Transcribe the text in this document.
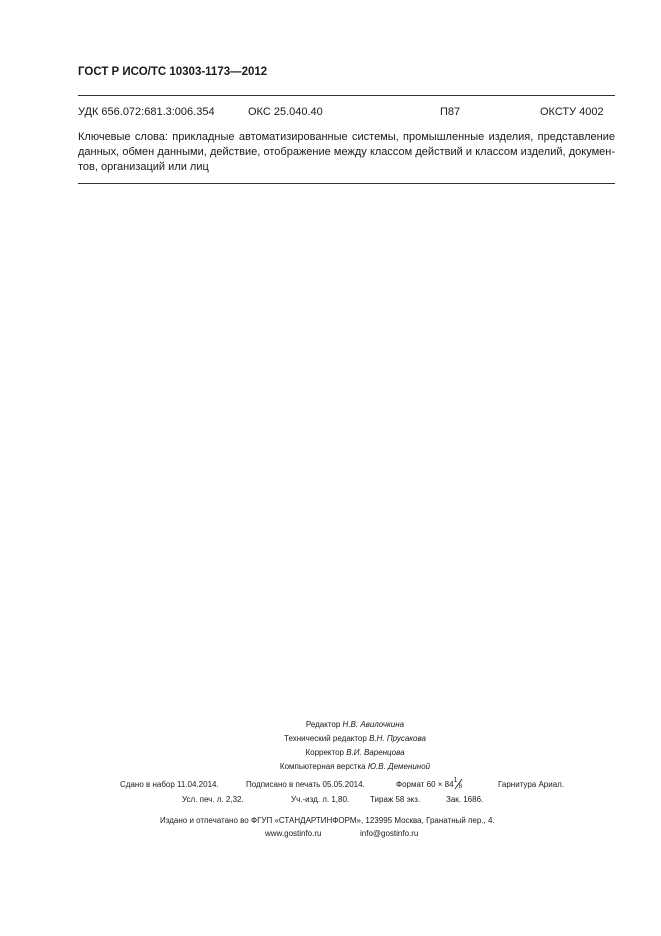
ГОСТ Р ИСО/ТС 10303-1173—2012
УДК 656.072:681.3:006.354	ОКС 25.040.40	П87	ОКСТУ 4002
Ключевые слова: прикладные автоматизированные системы, промышленные изделия, представление
данных, обмен данными, действие, отображение между классом действий и классом изделий, докумен-
тов, организаций или лиц
Редактор Н.В. Авилочкина
Технический редактор В.Н. Прусакова
Корректор В.И. Варенцова
Компьютерная верстка Ю.В. Демениной
Сдано в набор 11.04.2014.	Подписано в печать 05.05.2014.	Формат 60 × 84 1
8	Гарнитура Ариал.
Усл. печ. л. 2,32.	Уч.-изд. л. 1,80.	Тираж 58 экз.	Зак. 1686.
Издано и отпечатано во ФГУП «СТАНДАРТИНФОРМ», 123995 Москва, Гранатный пер., 4.
www.gostinfo.ru	info@gostinfo.ru
